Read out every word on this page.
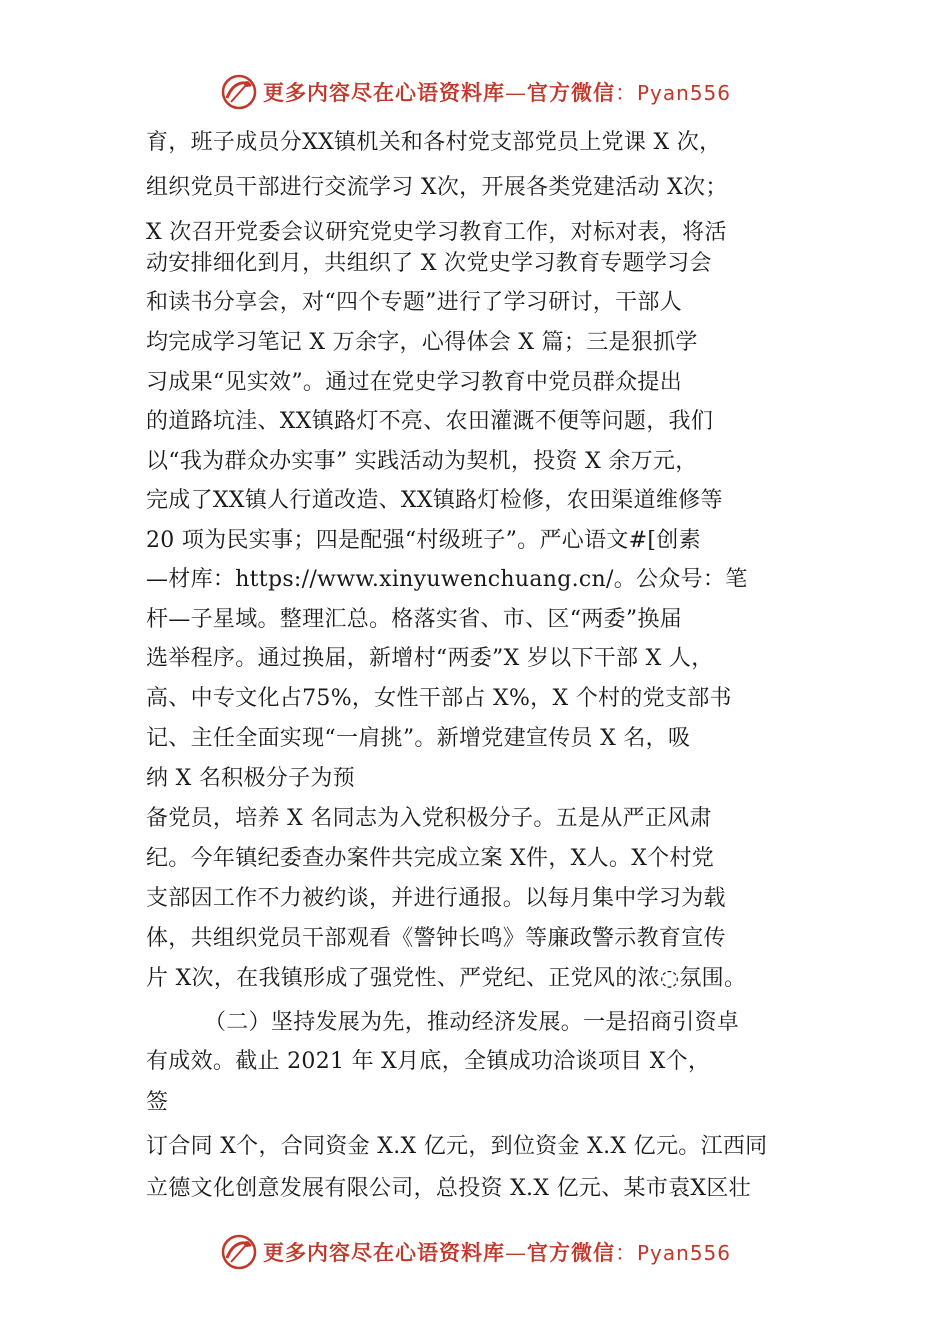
更多内容尽在心语资料库—官方微信：Pyan556
育，班子成员分XX镇机关和各村党支部党员上党课 X 次，
组织党员干部进行交流学习 X次，开展各类党建活动 X次；
X 次召开党委会议研究党史学习教育工作，对标对表，将活
动安排细化到月，共组织了 X 次党史学习教育专题学习会
和读书分享会，对“四个专题”进行了学习研讨，干部人
均完成学习笔记 X 万余字，心得体会 X 篇；三是狠抓学
习成果“见实效”。通过在党史学习教育中党员群众提出
的道路坑洼、XX镇路灯不亮、农田灌溉不便等问题，我们
以“我为群众办实事” 实践活动为契机，投资 X 余万元，
完成了XX镇人行道改造、XX镇路灯检修，农田渠道维修等
20 项为民实事；四是配强“村级班子”。严心语文#[创素
—材库：https://www.xinyuwenchuang.cn/。公众号：笔
杆—子星域。整理汇总。格落实省、市、区“两委”换届
选举程序。通过换届，新增村“两委”X 岁以下干部 X 人，
高、中专文化占75%，女性干部占 X%，X 个村的党支部书
记、主任全面实现“一肩挑”。新增党建宣传员 X 名，吸
纳 X 名积极分子为预
备党员，培养 X 名同志为入党积极分子。五是从严正风肃
纪。今年镇纪委查办案件共完成立案 X件，X人。X个村党
支部因工作不力被约谈，并进行通报。以每月集中学习为载
体，共组织党员干部观看《警钟长鸣》等廉政警示教育宣传
片 X次，在我镇形成了强党性、严党纪、正党风的浓◌氛围。
（二）坚持发展为先，推动经济发展。一是招商引资卓
有成效。截止 2021 年 X月底，全镇成功洽谈项目 X个，
签
订合同 X个，合同资金 X.X 亿元，到位资金 X.X 亿元。江西同
立德文化创意发展有限公司，总投资 X.X 亿元、某市袁X区壮
更多内容尽在心语资料库—官方微信：Pyan556
